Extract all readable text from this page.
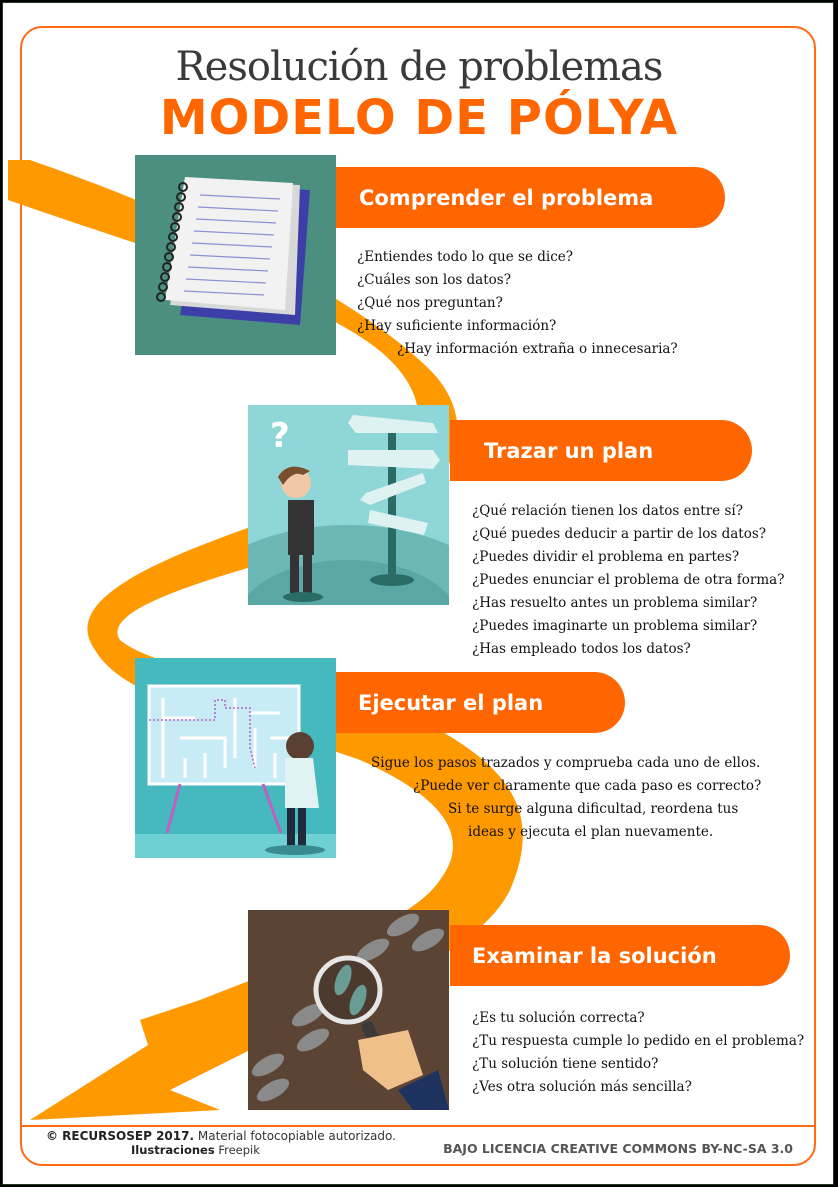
Resolución de problemas
MODELO DE PÓLYA
Comprender el problema
¿Entiendes todo lo que se dice?
¿Cuáles son los datos?
¿Qué nos preguntan?
¿Hay suficiente información?
¿Hay información extraña o innecesaria?
?	Trazar un plan
¿Qué relación tienen los datos entre sí?
¿Qué puedes deducir a partir de los datos?
¿Puedes dividir el problema en partes?
¿Puedes enunciar el problema de otra forma?
¿Has resuelto antes un problema similar?
¿Puedes imaginarte un problema similar?
¿Has empleado todos los datos?
Ejecutar el plan
Sigue los pasos trazados y comprueba cada uno de ellos.
¿Puede ver claramente que cada paso es correcto?
Si te surge alguna dificultad, reordena tus
ideas y ejecuta el plan nuevamente.
Examinar la solución
¿Es tu solución correcta?
¿Tu respuesta cumple lo pedido en el problema?
¿Tu solución tiene sentido?
¿Ves otra solución más sencilla?
© RECURSOSEP 2017. Material fotocopiable autorizado.
Ilustraciones Freepik	BAJO LICENCIA CREATIVE COMMONS BY-NC-SA 3.0
